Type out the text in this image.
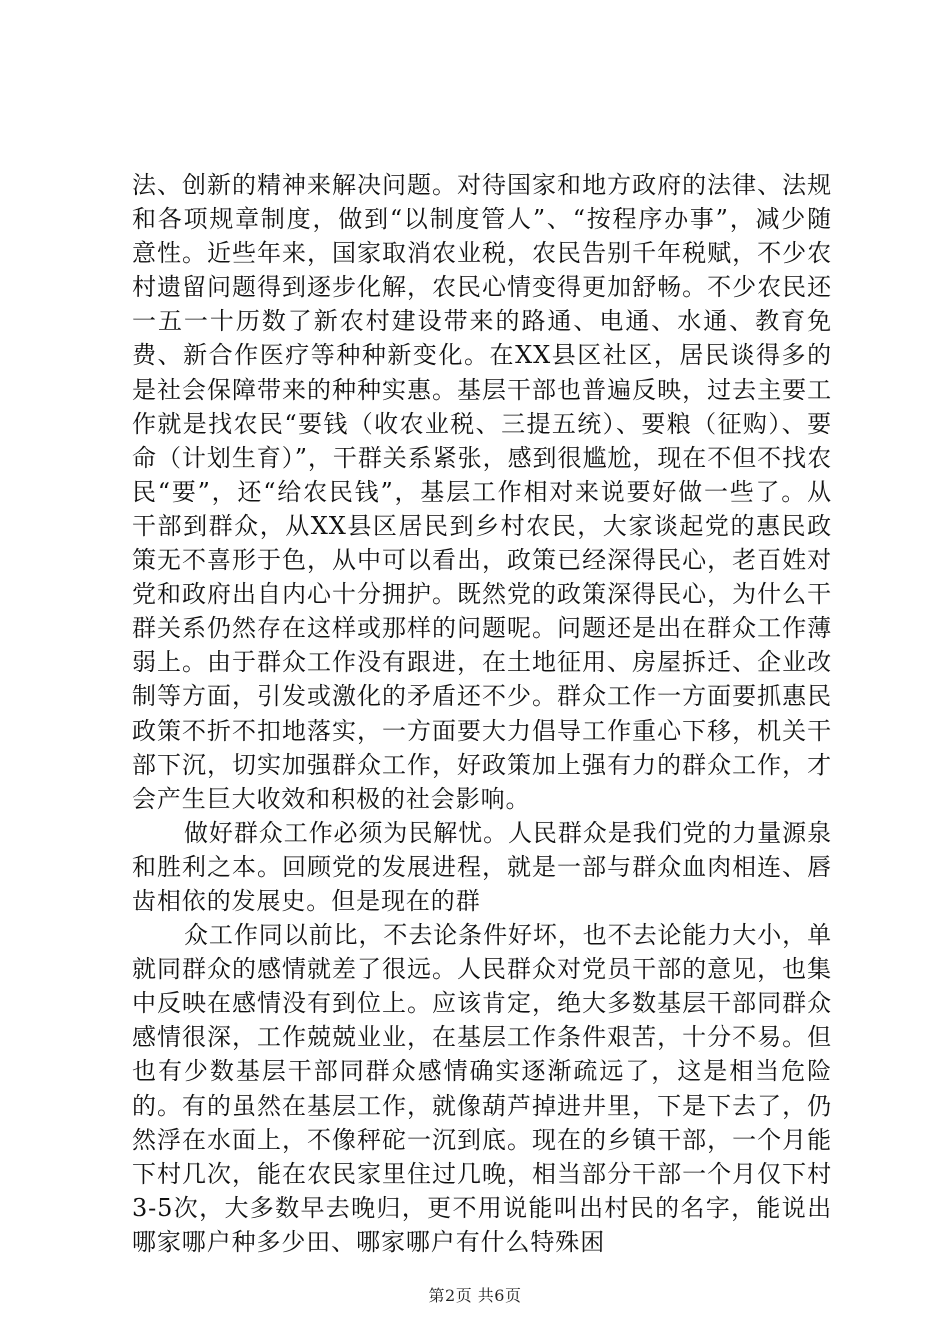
法、创新的精神来解决问题。对待国家和地方政府的法律、法规和各项规章制度，做到“以制度管人”、“按程序办事”，减少随意性。近些年来，国家取消农业税，农民告别千年税赋，不少农村遗留问题得到逐步化解，农民心情变得更加舒畅。不少农民还一五一十历数了新农村建设带来的路通、电通、水通、教育免费、新合作医疗等种种新变化。在XX县区社区，居民谈得多的是社会保障带来的种种实惠。基层干部也普遍反映，过去主要工作就是找农民“要钱（收农业税、三提五统）、要粮（征购）、要命（计划生育）”，干群关系紧张，感到很尴尬，现在不但不找农民“要”，还“给农民钱”，基层工作相对来说要好做一些了。从干部到群众，从XX县区居民到乡村农民，大家谈起党的惠民政策无不喜形于色，从中可以看出，政策已经深得民心，老百姓对党和政府出自内心十分拥护。既然党的政策深得民心，为什么干群关系仍然存在这样或那样的问题呢。问题还是出在群众工作薄弱上。由于群众工作没有跟进，在土地征用、房屋拆迁、企业改制等方面，引发或激化的矛盾还不少。群众工作一方面要抓惠民政策不折不扣地落实，一方面要大力倡导工作重心下移，机关干部下沉，切实加强群众工作，好政策加上强有力的群众工作，才会产生巨大收效和积极的社会影响。

做好群众工作必须为民解忧。人民群众是我们党的力量源泉和胜利之本。回顾党的发展进程，就是一部与群众血肉相连、唇齿相依的发展史。但是现在的群

众工作同以前比，不去论条件好坏，也不去论能力大小，单就同群众的感情就差了很远。人民群众对党员干部的意见，也集中反映在感情没有到位上。应该肯定，绝大多数基层干部同群众感情很深，工作兢兢业业，在基层工作条件艰苦，十分不易。但也有少数基层干部同群众感情确实逐渐疏远了，这是相当危险的。有的虽然在基层工作，就像葫芦掉进井里，下是下去了，仍然浮在水面上，不像秤砣一沉到底。现在的乡镇干部，一个月能下村几次，能在农民家里住过几晚，相当部分干部一个月仅下村3-5次，大多数早去晚归，更不用说能叫出村民的名字，能说出哪家哪户种多少田、哪家哪户有什么特殊困

第2页 共6页
